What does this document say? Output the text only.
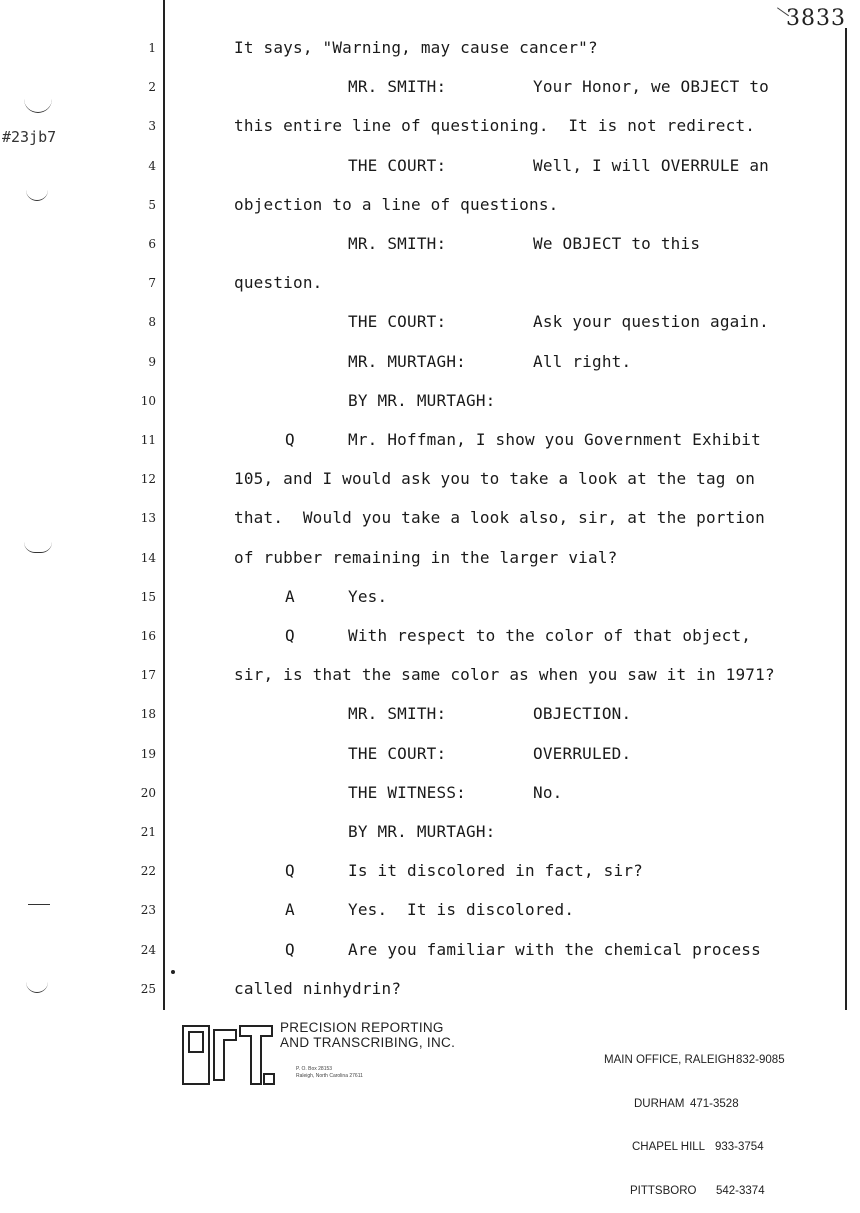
3833
#23jb7
1	It says, "Warning, may cause cancer"?
2	MR. SMITH:	Your Honor, we OBJECT to
3	this entire line of questioning.  It is not redirect.
4	THE COURT:	Well, I will OVERRULE an
5	objection to a line of questions.
6	MR. SMITH:	We OBJECT to this
7	question.
8	THE COURT:	Ask your question again.
9	MR. MURTAGH:	All right.
10	BY MR. MURTAGH:
11	Q	Mr. Hoffman, I show you Government Exhibit
12	105, and I would ask you to take a look at the tag on
13	that.  Would you take a look also, sir, at the portion
14	of rubber remaining in the larger vial?
15	A	Yes.
16	Q	With respect to the color of that object,
17	sir, is that the same color as when you saw it in 1971?
18	MR. SMITH:	OBJECTION.
19	THE COURT:	OVERRULED.
20	THE WITNESS:	No.
21	BY MR. MURTAGH:
22	Q	Is it discolored in fact, sir?
23	A	Yes.  It is discolored.
24	Q	Are you familiar with the chemical process
25	called ninhydrin?
P&T
PRECISION REPORTING
AND TRANSCRIBING, INC.
P. O. Box 28153
Raleigh, North Carolina 27611

MAIN OFFICE, RALEIGH 832-9085

DURHAM 471-3528

CHAPEL HILL 933-3754

PITTSBORO	542-3374
